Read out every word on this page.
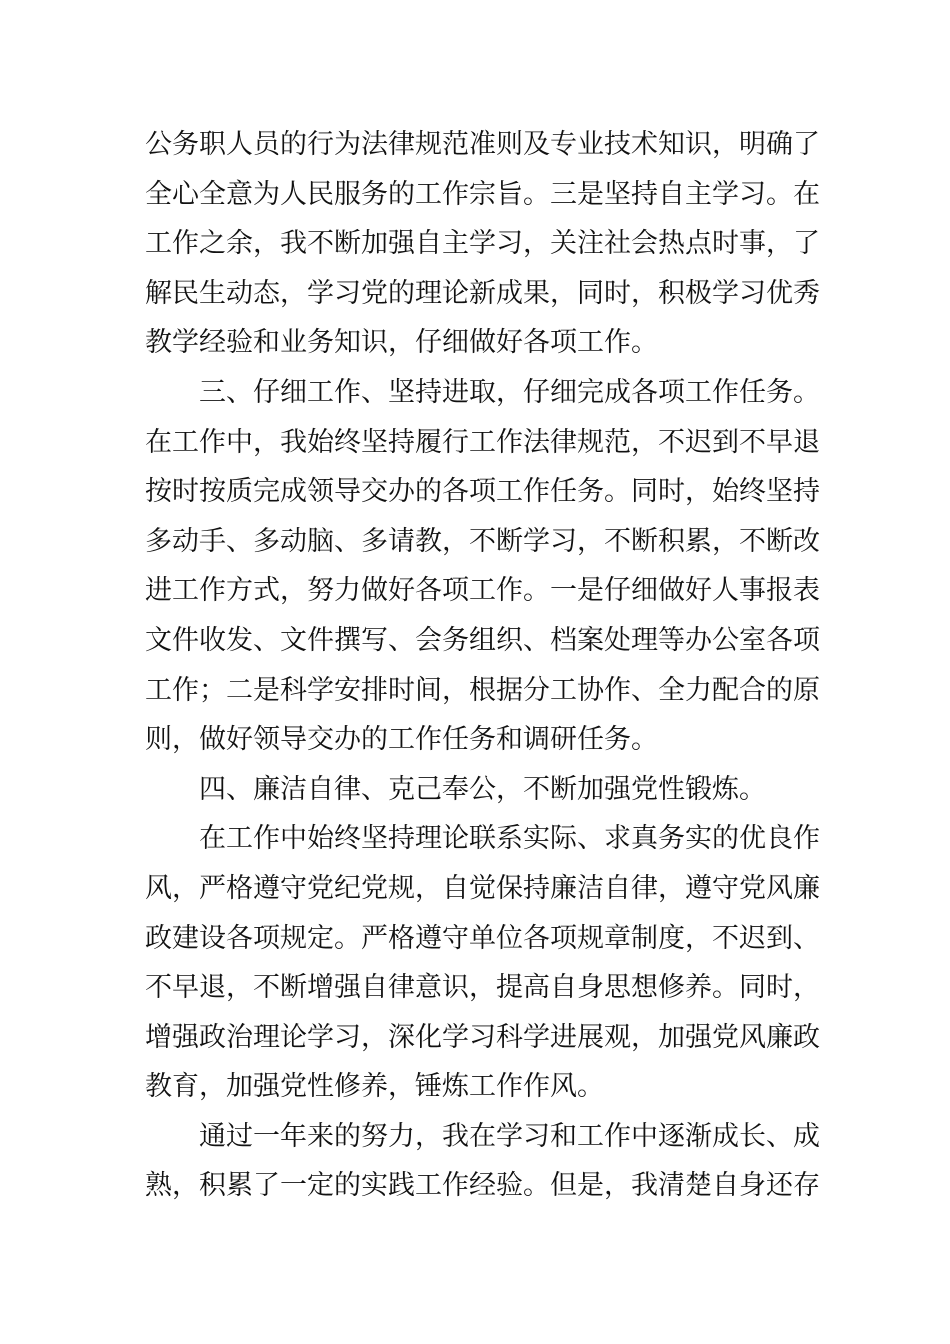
公务职人员的行为法律规范准则及专业技术知识，明确了
全心全意为人民服务的工作宗旨。三是坚持自主学习。在
工作之余，我不断加强自主学习，关注社会热点时事，了
解民生动态，学习党的理论新成果，同时，积极学习优秀
教学经验和业务知识，仔细做好各项工作。
三、仔细工作、坚持进取，仔细完成各项工作任务。
在工作中，我始终坚持履行工作法律规范，不迟到不早退
按时按质完成领导交办的各项工作任务。同时，始终坚持
多动手、多动脑、多请教，不断学习，不断积累，不断改
进工作方式，努力做好各项工作。一是仔细做好人事报表
文件收发、文件撰写、会务组织、档案处理等办公室各项
工作；二是科学安排时间，根据分工协作、全力配合的原
则，做好领导交办的工作任务和调研任务。
四、廉洁自律、克己奉公，不断加强党性锻炼。
在工作中始终坚持理论联系实际、求真务实的优良作
风，严格遵守党纪党规，自觉保持廉洁自律，遵守党风廉
政建设各项规定。严格遵守单位各项规章制度，不迟到、
不早退，不断增强自律意识，提高自身思想修养。同时，
增强政治理论学习，深化学习科学进展观，加强党风廉政
教育，加强党性修养，锤炼工作作风。
通过一年来的努力，我在学习和工作中逐渐成长、成
熟，积累了一定的实践工作经验。但是，我清楚自身还存
